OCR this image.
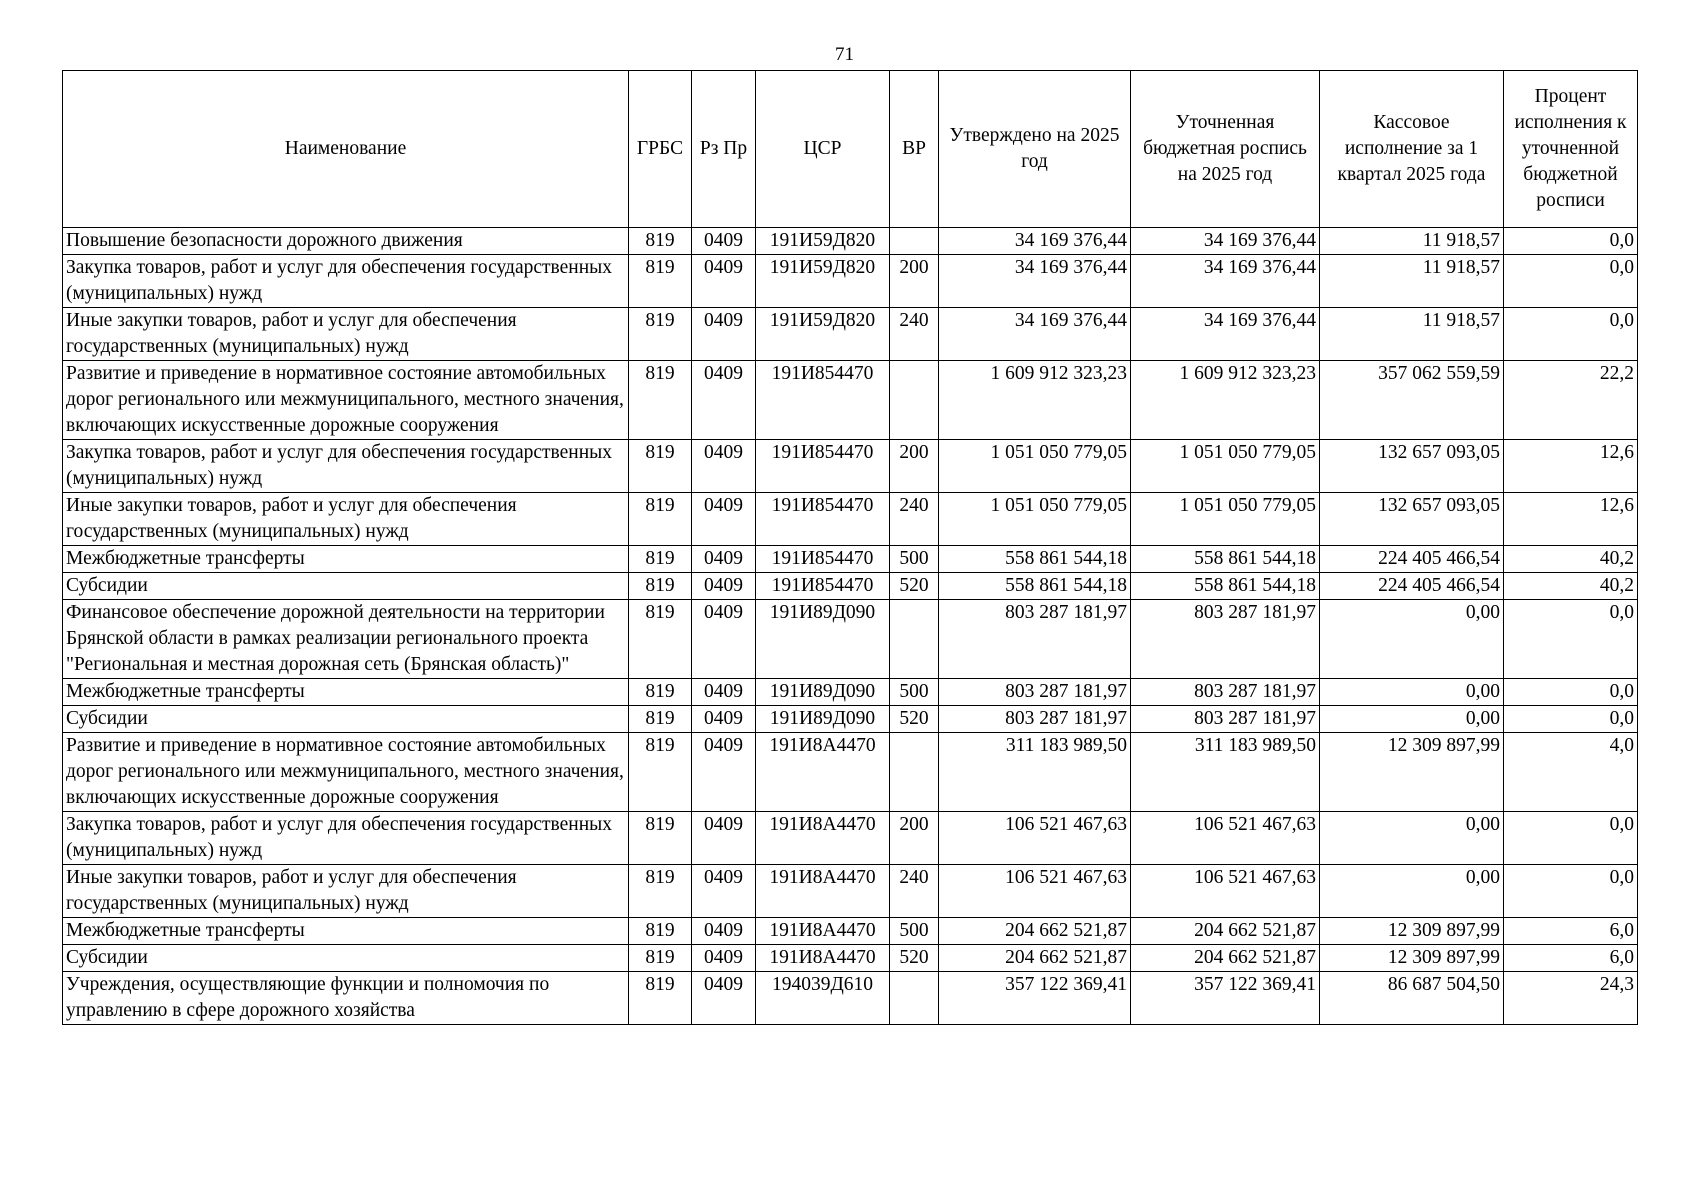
71
Наименование	ГРБС	Рз Пр	ЦСР	ВР	Утверждено на 2025 год	Уточненная бюджетная роспись на 2025 год	Кассовое исполнение за 1 квартал 2025 года	Процент исполнения к уточненной бюджетной росписи
Повышение безопасности дорожного движения	819	0409	191И59Д820		34 169 376,44	34 169 376,44	11 918,57	0,0
Закупка товаров, работ и услуг для обеспечения государственных (муниципальных) нужд	819	0409	191И59Д820	200	34 169 376,44	34 169 376,44	11 918,57	0,0
Иные закупки товаров, работ и услуг для обеспечения государственных (муниципальных) нужд	819	0409	191И59Д820	240	34 169 376,44	34 169 376,44	11 918,57	0,0
Развитие и приведение в нормативное состояние автомобильных дорог регионального или межмуниципального, местного значения, включающих искусственные дорожные сооружения	819	0409	191И854470		1 609 912 323,23	1 609 912 323,23	357 062 559,59	22,2
Закупка товаров, работ и услуг для обеспечения государственных (муниципальных) нужд	819	0409	191И854470	200	1 051 050 779,05	1 051 050 779,05	132 657 093,05	12,6
Иные закупки товаров, работ и услуг для обеспечения государственных (муниципальных) нужд	819	0409	191И854470	240	1 051 050 779,05	1 051 050 779,05	132 657 093,05	12,6
Межбюджетные трансферты	819	0409	191И854470	500	558 861 544,18	558 861 544,18	224 405 466,54	40,2
Субсидии	819	0409	191И854470	520	558 861 544,18	558 861 544,18	224 405 466,54	40,2
Финансовое обеспечение дорожной деятельности на территории Брянской области в рамках реализации регионального проекта "Региональная и местная дорожная сеть (Брянская область)"	819	0409	191И89Д090		803 287 181,97	803 287 181,97	0,00	0,0
Межбюджетные трансферты	819	0409	191И89Д090	500	803 287 181,97	803 287 181,97	0,00	0,0
Субсидии	819	0409	191И89Д090	520	803 287 181,97	803 287 181,97	0,00	0,0
Развитие и приведение в нормативное состояние автомобильных дорог регионального или межмуниципального, местного значения, включающих искусственные дорожные сооружения	819	0409	191И8А4470		311 183 989,50	311 183 989,50	12 309 897,99	4,0
Закупка товаров, работ и услуг для обеспечения государственных (муниципальных) нужд	819	0409	191И8А4470	200	106 521 467,63	106 521 467,63	0,00	0,0
Иные закупки товаров, работ и услуг для обеспечения государственных (муниципальных) нужд	819	0409	191И8А4470	240	106 521 467,63	106 521 467,63	0,00	0,0
Межбюджетные трансферты	819	0409	191И8А4470	500	204 662 521,87	204 662 521,87	12 309 897,99	6,0
Субсидии	819	0409	191И8А4470	520	204 662 521,87	204 662 521,87	12 309 897,99	6,0
Учреждения, осуществляющие функции и полномочия по управлению в сфере дорожного хозяйства	819	0409	194039Д610		357 122 369,41	357 122 369,41	86 687 504,50	24,3
